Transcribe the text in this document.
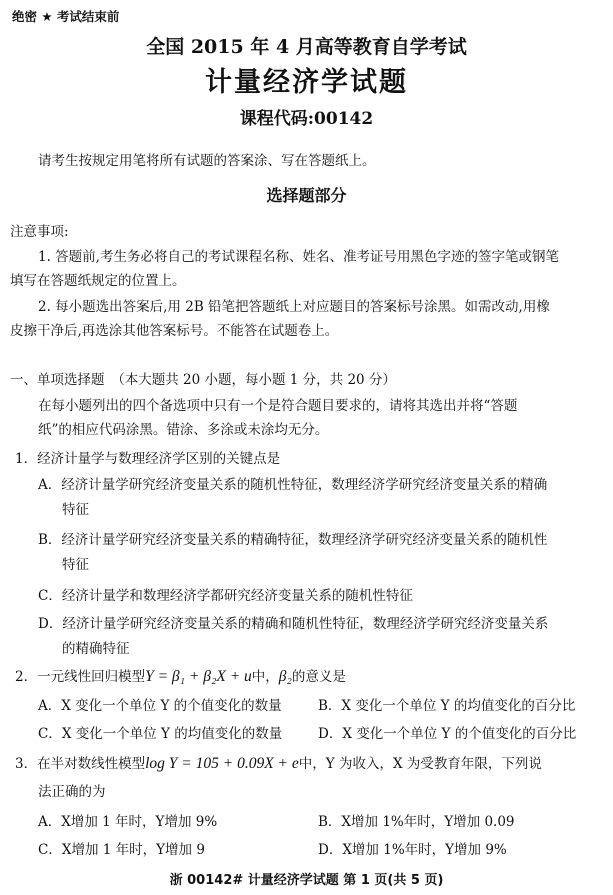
绝密 ★ 考试结束前
全国 2015 年 4 月高等教育自学考试
计量经济学试题
课程代码:00142
请考生按规定用笔将所有试题的答案涂、写在答题纸上。
选择题部分
注意事项:
1. 答题前,考生务必将自己的考试课程名称、姓名、准考证号用黑色字迹的签字笔或钢笔
填写在答题纸规定的位置上。
2. 每小题选出答案后,用 2B 铅笔把答题纸上对应题目的答案标号涂黑。如需改动,用橡
皮擦干净后,再选涂其他答案标号。不能答在试题卷上。
一、单项选择题　（本大题共 20 小题，每小题 1 分，共 20 分）
在每小题列出的四个备选项中只有一个是符合题目要求的，请将其选出并将“答题
纸”的相应代码涂黑。错涂、多涂或未涂均无分。
1．经济计量学与数理经济学区别的关键点是
A．经济计量学研究经济变量关系的随机性特征，数理经济学研究经济变量关系的精确
特征
B．经济计量学研究经济变量关系的精确特征，数理经济学研究经济变量关系的随机性
特征
C．经济计量学和数理经济学都研究经济变量关系的随机性特征
D．经济计量学研究经济变量关系的精确和随机性特征，数理经济学研究经济变量关系
的精确特征
2．一元线性回归模型Y = β₁ + β₂X + u中，β₂的意义是
A．X 变化一个单位 Y 的个值变化的数量	B．X 变化一个单位 Y 的均值变化的百分比
C．X 变化一个单位 Y 的均值变化的数量	D．X 变化一个单位 Y 的个值变化的百分比
3．在半对数线性模型log Y = 105 + 0.09X + e中，Y 为收入，X 为受教育年限，下列说
法正确的为
A．X增加 1 年时，Y增加 9%	B．X增加 1%年时，Y增加 0.09
C．X增加 1 年时，Y增加 9	D．X增加 1%年时，Y增加 9%
浙 00142# 计量经济学试题 第 1 页(共 5 页)
